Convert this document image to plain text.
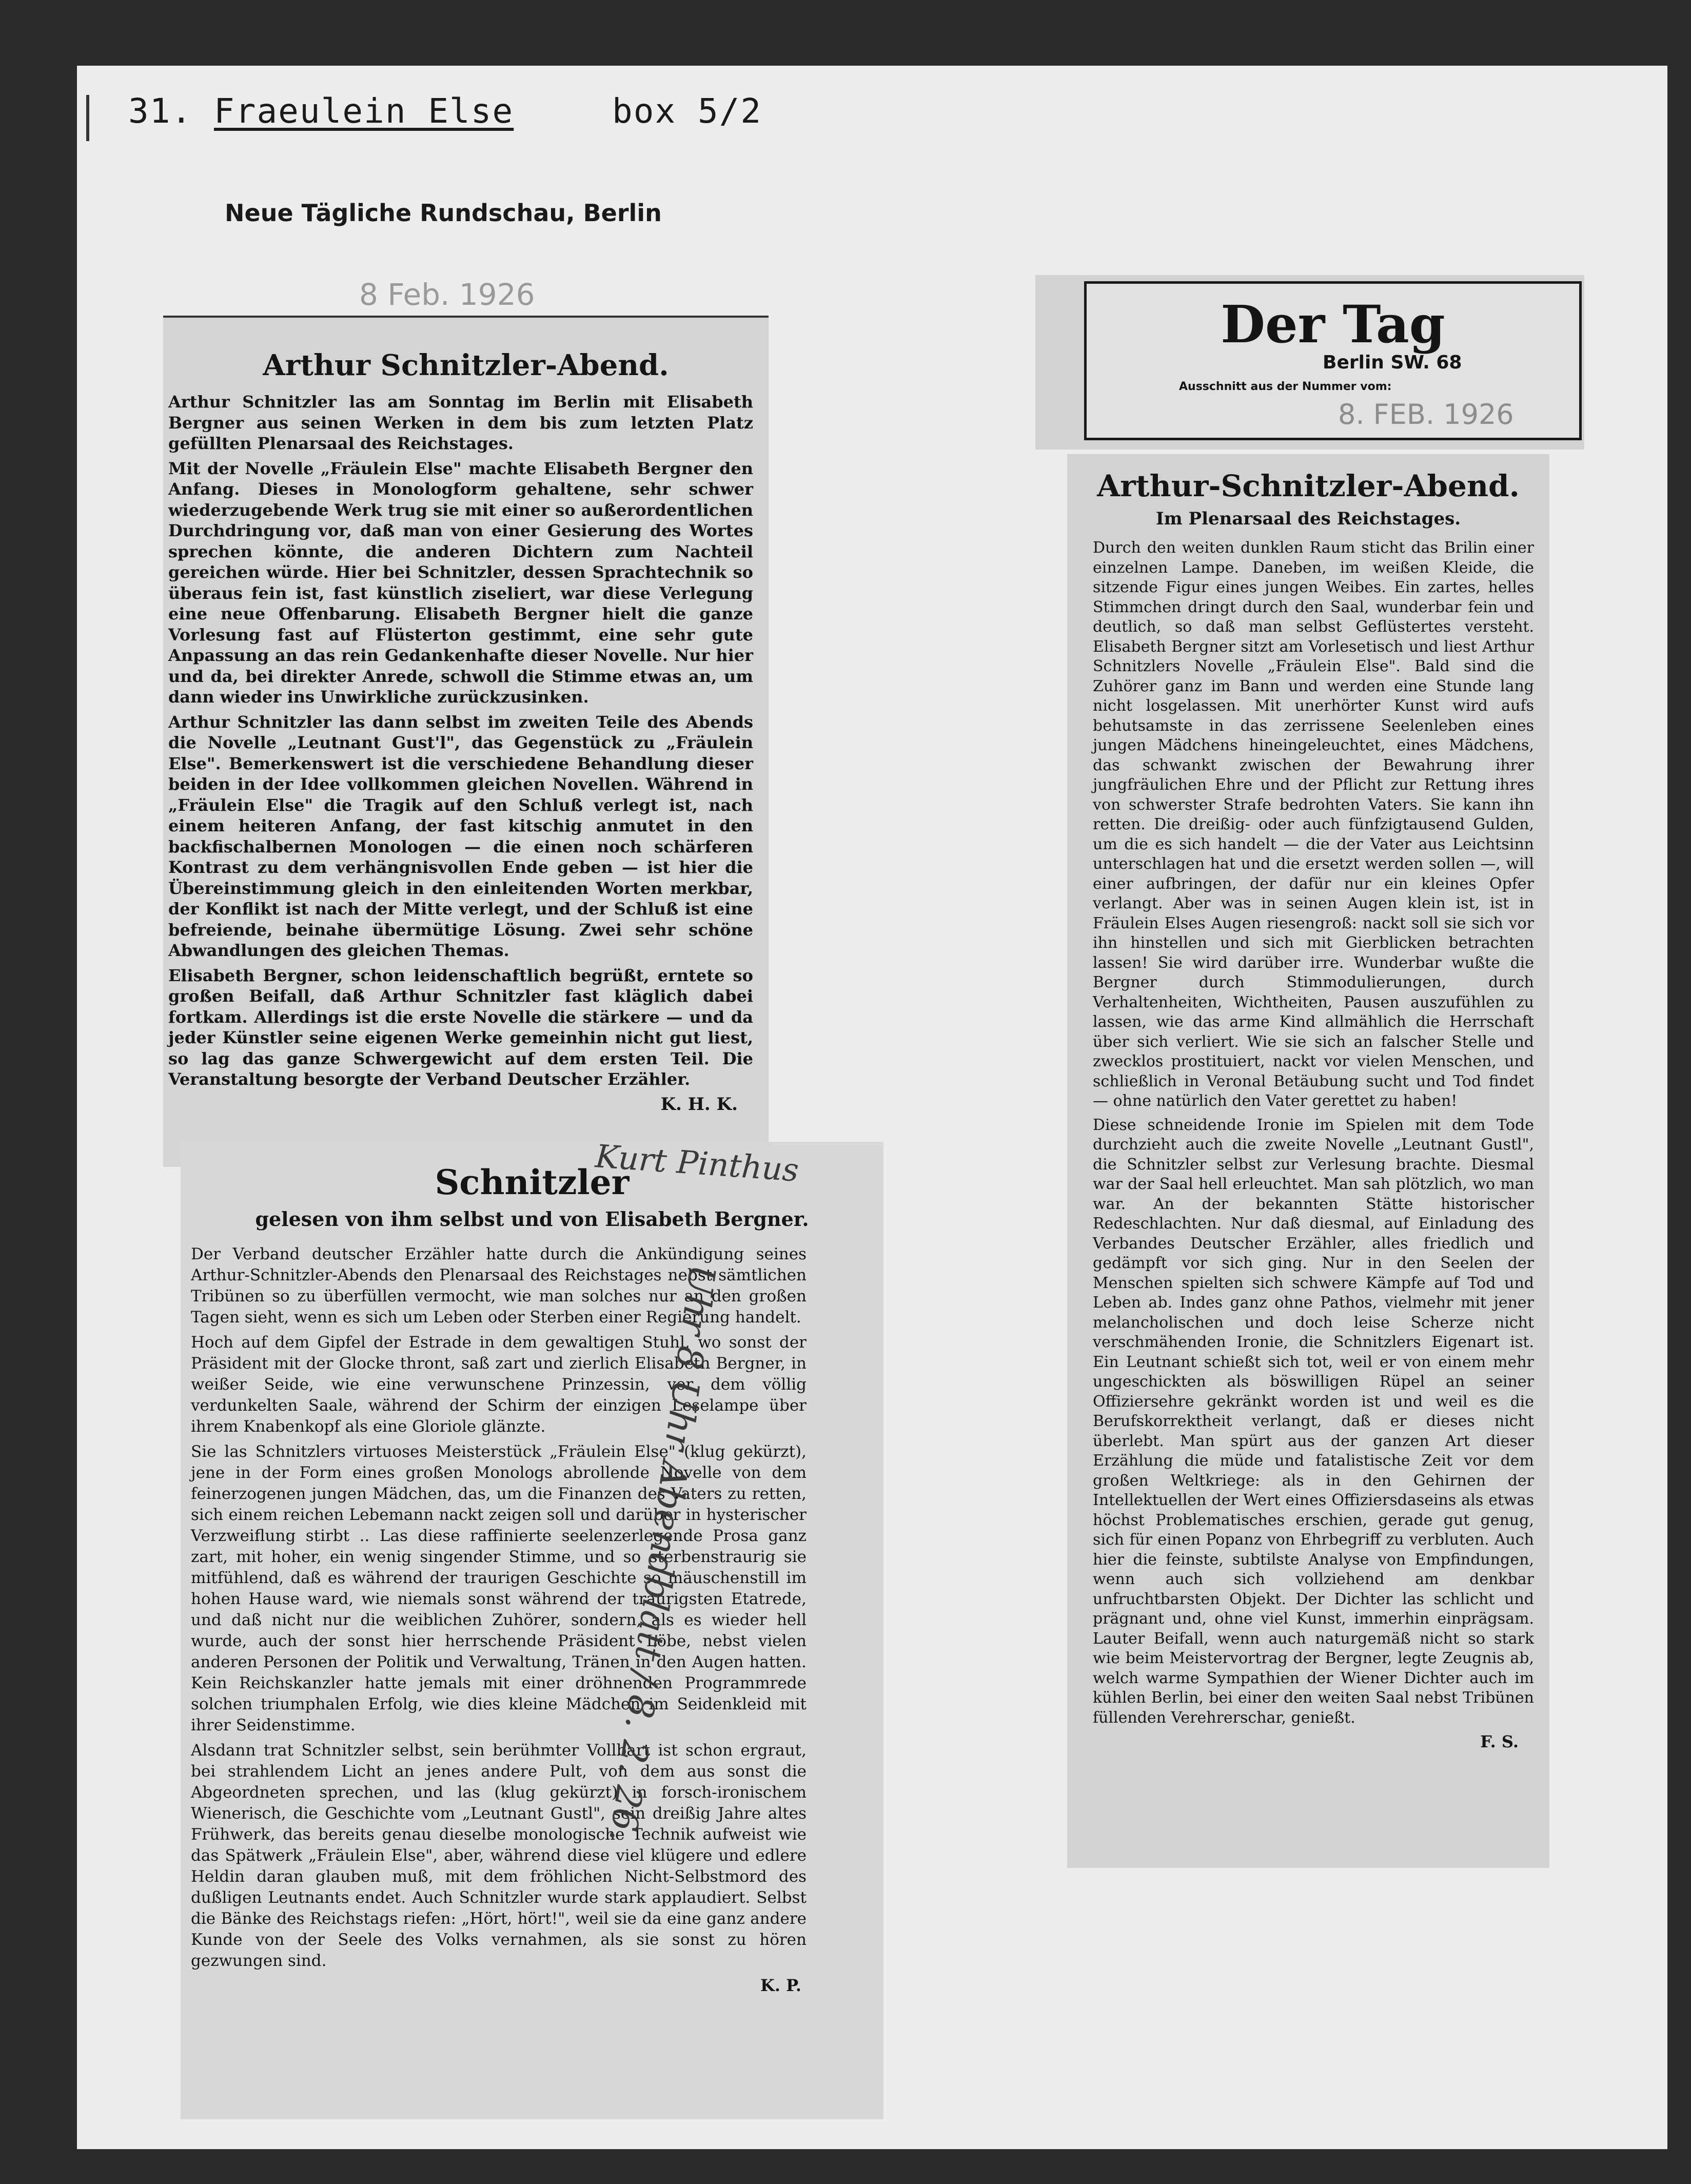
31. Fraeulein Else	box 5/2
Neue Tägliche Rundschau, Berlin
8 Feb. 1926
Arthur Schnitzler-Abend.

Arthur Schnitzler las am Sonntag im Berlin mit Elisabeth Bergner aus seinen Werken in dem bis zum letzten Platz gefüllten Plenarsaal des Reichstages.

Mit der Novelle „Fräulein Else" machte Elisabeth Bergner den Anfang. Dieses in Monologform gehaltene, sehr schwer wiederzugebende Werk trug sie mit einer so außerordentlichen Durchdringung vor, daß man von einer Gesierung des Wortes sprechen könnte, die anderen Dichtern zum Nachteil gereichen würde. Hier bei Schnitzler, dessen Sprachtechnik so überaus fein ist, fast künstlich ziseliert, war diese Verlegung eine neue Offenbarung. Elisabeth Bergner hielt die ganze Vorlesung fast auf Flüsterton gestimmt, eine sehr gute Anpassung an das rein Gedankenhafte dieser Novelle. Nur hier und da, bei direkter Anrede, schwoll die Stimme etwas an, um dann wieder ins Unwirkliche zurückzusinken.

Arthur Schnitzler las dann selbst im zweiten Teile des Abends die Novelle „Leutnant Gust'l", das Gegenstück zu „Fräulein Else". Bemerkenswert ist die verschiedene Behandlung dieser beiden in der Idee vollkommen gleichen Novellen. Während in „Fräulein Else" die Tragik auf den Schluß verlegt ist, nach einem heiteren Anfang, der fast kitschig anmutet in den backfischalbernen Monologen — die einen noch schärferen Kontrast zu dem verhängnisvollen Ende geben — ist hier die Übereinstimmung gleich in den einleitenden Worten merkbar, der Konflikt ist nach der Mitte verlegt, und der Schluß ist eine befreiende, beinahe übermütige Lösung. Zwei sehr schöne Abwandlungen des gleichen Themas.

Elisabeth Bergner, schon leidenschaftlich begrüßt, erntete so großen Beifall, daß Arthur Schnitzler fast kläglich dabei fortkam. Allerdings ist die erste Novelle die stärkere — und da jeder Künstler seine eigenen Werke gemeinhin nicht gut liest, so lag das ganze Schwergewicht auf dem ersten Teil. Die Veranstaltung besorgte der Verband Deutscher Erzähler.

K. H. K.
Schnitzler
gelesen von ihm selbst und von Elisabeth Bergner.

Der Verband deutscher Erzähler hatte durch die Ankündigung seines Arthur-Schnitzler-Abends den Plenarsaal des Reichstages nebst sämtlichen Tribünen so zu überfüllen vermocht, wie man solches nur an den großen Tagen sieht, wenn es sich um Leben oder Sterben einer Regierung handelt.

Hoch auf dem Gipfel der Estrade in dem gewaltigen Stuhl, wo sonst der Präsident mit der Glocke thront, saß zart und zierlich Elisabeth Bergner, in weißer Seide, wie eine verwunschene Prinzessin, vor dem völlig verdunkelten Saale, während der Schirm der einzigen Leselampe über ihrem Knabenkopf als eine Gloriole glänzte.

Sie las Schnitzlers virtuoses Meisterstück „Fräulein Else" (klug gekürzt), jene in der Form eines großen Monologs abrollende Novelle von dem feinerzogenen jungen Mädchen, das, um die Finanzen des Vaters zu retten, sich einem reichen Lebemann nackt zeigen soll und darüber in hysterischer Verzweiflung stirbt .. Las diese raffinierte seelenzerlegende Prosa ganz zart, mit hoher, ein wenig singender Stimme, und so sterbenstraurig sie mitfühlend, daß es während der traurigen Geschichte so mäuschenstill im hohen Hause ward, wie niemals sonst während der traurigsten Etatrede, und daß nicht nur die weiblichen Zuhörer, sondern, als es wieder hell wurde, auch der sonst hier herrschende Präsident Löbe, nebst vielen anderen Personen der Politik und Verwaltung, Tränen in den Augen hatten. Kein Reichskanzler hatte jemals mit einer dröhnenden Programmrede solchen triumphalen Erfolg, wie dies kleine Mädchen im Seidenkleid mit ihrer Seidenstimme.

Alsdann trat Schnitzler selbst, sein berühmter Vollbart ist schon ergraut, bei strahlendem Licht an jenes andere Pult, von dem aus sonst die Abgeordneten sprechen, und las (klug gekürzt) in forsch-ironischem Wienerisch, die Geschichte vom „Leutnant Gustl", sein dreißig Jahre altes Frühwerk, das bereits genau dieselbe monologische Technik aufweist wie das Spätwerk „Fräulein Else", aber, während diese viel klügere und edlere Heldin daran glauben muß, mit dem fröhlichen Nicht-Selbstmord des dußligen Leutnants endet. Auch Schnitzler wurde stark applaudiert. Selbst die Bänke des Reichstags riefen: „Hört, hört!", weil sie da eine ganz andere Kunde von der Seele des Volks vernahmen, als sie sonst zu hören gezwungen sind.

K. P.
Kurt Pinthus
Uhr 8 Uhr Abendblatt / 8. 2. 26.
Der Tag
Berlin SW. 68
Ausschnitt aus der Nummer vom:
8. FEB. 1926
Arthur-Schnitzler-Abend.
Im Plenarsaal des Reichstages.

Durch den weiten dunklen Raum sticht das Brilin einer einzelnen Lampe. Daneben, im weißen Kleide, die sitzende Figur eines jungen Weibes. Ein zartes, helles Stimmchen dringt durch den Saal, wunderbar fein und deutlich, so daß man selbst Geflüstertes versteht. Elisabeth Bergner sitzt am Vorlesetisch und liest Arthur Schnitzlers Novelle „Fräulein Else". Bald sind die Zuhörer ganz im Bann und werden eine Stunde lang nicht losgelassen. Mit unerhörter Kunst wird aufs behutsamste in das zerrissene Seelenleben eines jungen Mädchens hineingeleuchtet, eines Mädchens, das schwankt zwischen der Bewahrung ihrer jungfräulichen Ehre und der Pflicht zur Rettung ihres von schwerster Strafe bedrohten Vaters. Sie kann ihn retten. Die dreißig- oder auch fünfzigtausend Gulden, um die es sich handelt — die der Vater aus Leichtsinn unterschlagen hat und die ersetzt werden sollen —, will einer aufbringen, der dafür nur ein kleines Opfer verlangt. Aber was in seinen Augen klein ist, ist in Fräulein Elses Augen riesengroß: nackt soll sie sich vor ihn hinstellen und sich mit Gierblicken betrachten lassen! Sie wird darüber irre. Wunderbar wußte die Bergner durch Stimmodulierungen, durch Verhaltenheiten, Wichtheiten, Pausen auszufühlen zu lassen, wie das arme Kind allmählich die Herrschaft über sich verliert. Wie sie sich an falscher Stelle und zwecklos prostituiert, nackt vor vielen Menschen, und schließlich in Veronal Betäubung sucht und Tod findet — ohne natürlich den Vater gerettet zu haben!

Diese schneidende Ironie im Spielen mit dem Tode durchzieht auch die zweite Novelle „Leutnant Gustl", die Schnitzler selbst zur Verlesung brachte. Diesmal war der Saal hell erleuchtet. Man sah plötzlich, wo man war. An der bekannten Stätte historischer Redeschlachten. Nur daß diesmal, auf Einladung des Verbandes Deutscher Erzähler, alles friedlich und gedämpft vor sich ging. Nur in den Seelen der Menschen spielten sich schwere Kämpfe auf Tod und Leben ab. Indes ganz ohne Pathos, vielmehr mit jener melancholischen und doch leise Scherze nicht verschmähenden Ironie, die Schnitzlers Eigenart ist. Ein Leutnant schießt sich tot, weil er von einem mehr ungeschickten als böswilligen Rüpel an seiner Offiziersehre gekränkt worden ist und weil es die Berufskorrektheit verlangt, daß er dieses nicht überlebt. Man spürt aus der ganzen Art dieser Erzählung die müde und fatalistische Zeit vor dem großen Weltkriege: als in den Gehirnen der Intellektuellen der Wert eines Offiziersdaseins als etwas höchst Problematisches erschien, gerade gut genug, sich für einen Popanz von Ehrbegriff zu verbluten. Auch hier die feinste, subtilste Analyse von Empfindungen, wenn auch sich vollziehend am denkbar unfruchtbarsten Objekt. Der Dichter las schlicht und prägnant und, ohne viel Kunst, immerhin einprägsam. Lauter Beifall, wenn auch naturgemäß nicht so stark wie beim Meistervortrag der Bergner, legte Zeugnis ab, welch warme Sympathien der Wiener Dichter auch im kühlen Berlin, bei einer den weiten Saal nebst Tribünen füllenden Verehrerschar, genießt.

F. S.
